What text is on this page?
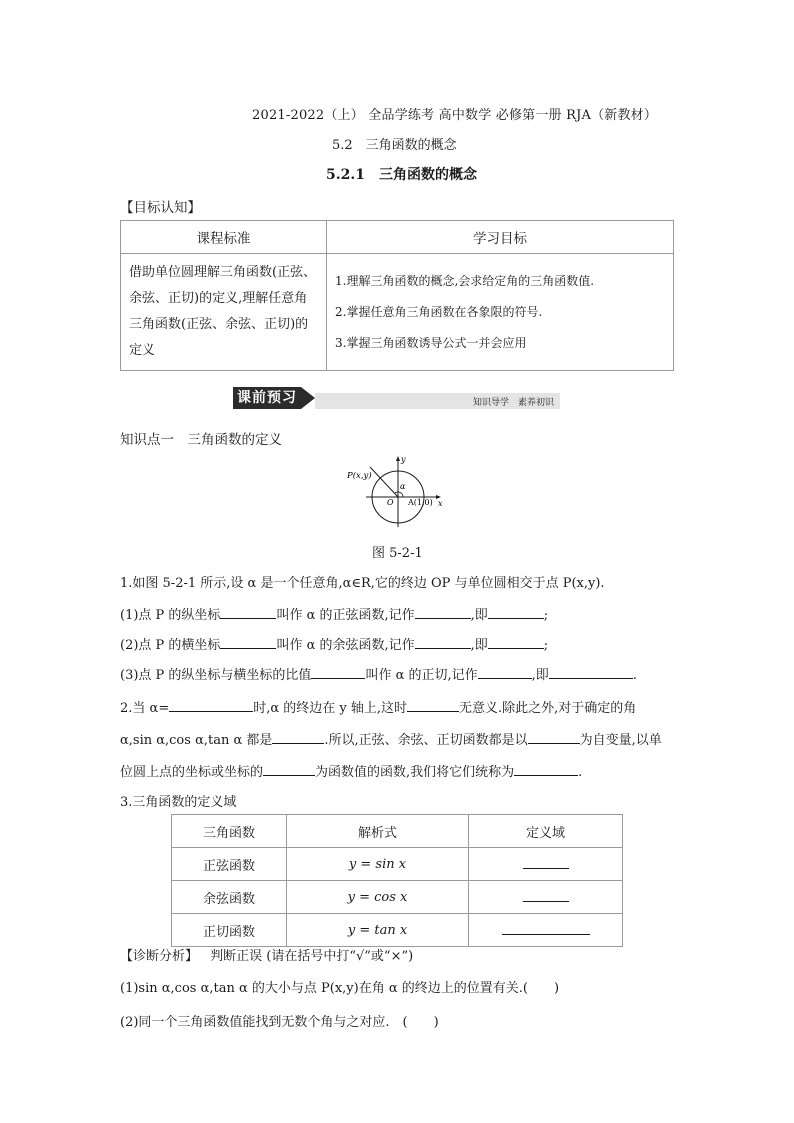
2021-2022（上） 全品学练考 高中数学 必修第一册 RJA（新教材）
5.2　三角函数的概念
5.2.1　三角函数的概念
【目标认知】
课程标准	学习目标
借助单位圆理解三角函数(正弦、余弦、正切)的定义,理解任意角三角函数(正弦、余弦、正切)的定义	1.理解三角函数的概念,会求给定角的三角函数值.
2.掌握任意角三角函数在各象限的符号.
3.掌握三角函数诱导公式一并会应用
课前预习	知识导学　素养初识
知识点一　三角函数的定义
P(x,y)
α
O A(1,0) x
y
图 5-2-1
1.如图 5-2-1 所示,设 α 是一个任意角,α∈R,它的终边 OP 与单位圆相交于点 P(x,y).
(1)点 P 的纵坐标	叫作 α 的正弦函数,记作	,即	;
(2)点 P 的横坐标	叫作 α 的余弦函数,记作	,即	;
(3)点 P 的纵坐标与横坐标的比值	叫作 α 的正切,记作	,即	.
2.当 α=	时,α 的终边在 y 轴上,这时	无意义.除此之外,对于确定的角
α,sin α,cos α,tan α 都是	.所以,正弦、余弦、正切函数都是以	为自变量,以单
位圆上点的坐标或坐标的	为函数值的函数,我们将它们统称为	.
3.三角函数的定义域
三角函数	解析式	定义域
正弦函数	y = sin x	
余弦函数	y = cos x	
正切函数	y = tan x	
【诊断分析】 判断正误 (请在括号中打“√”或“×”)
(1)sin α,cos α,tan α 的大小与点 P(x,y)在角 α 的终边上的位置有关.(　　)
(2)同一个三角函数值能找到无数个角与之对应.　(　　)
